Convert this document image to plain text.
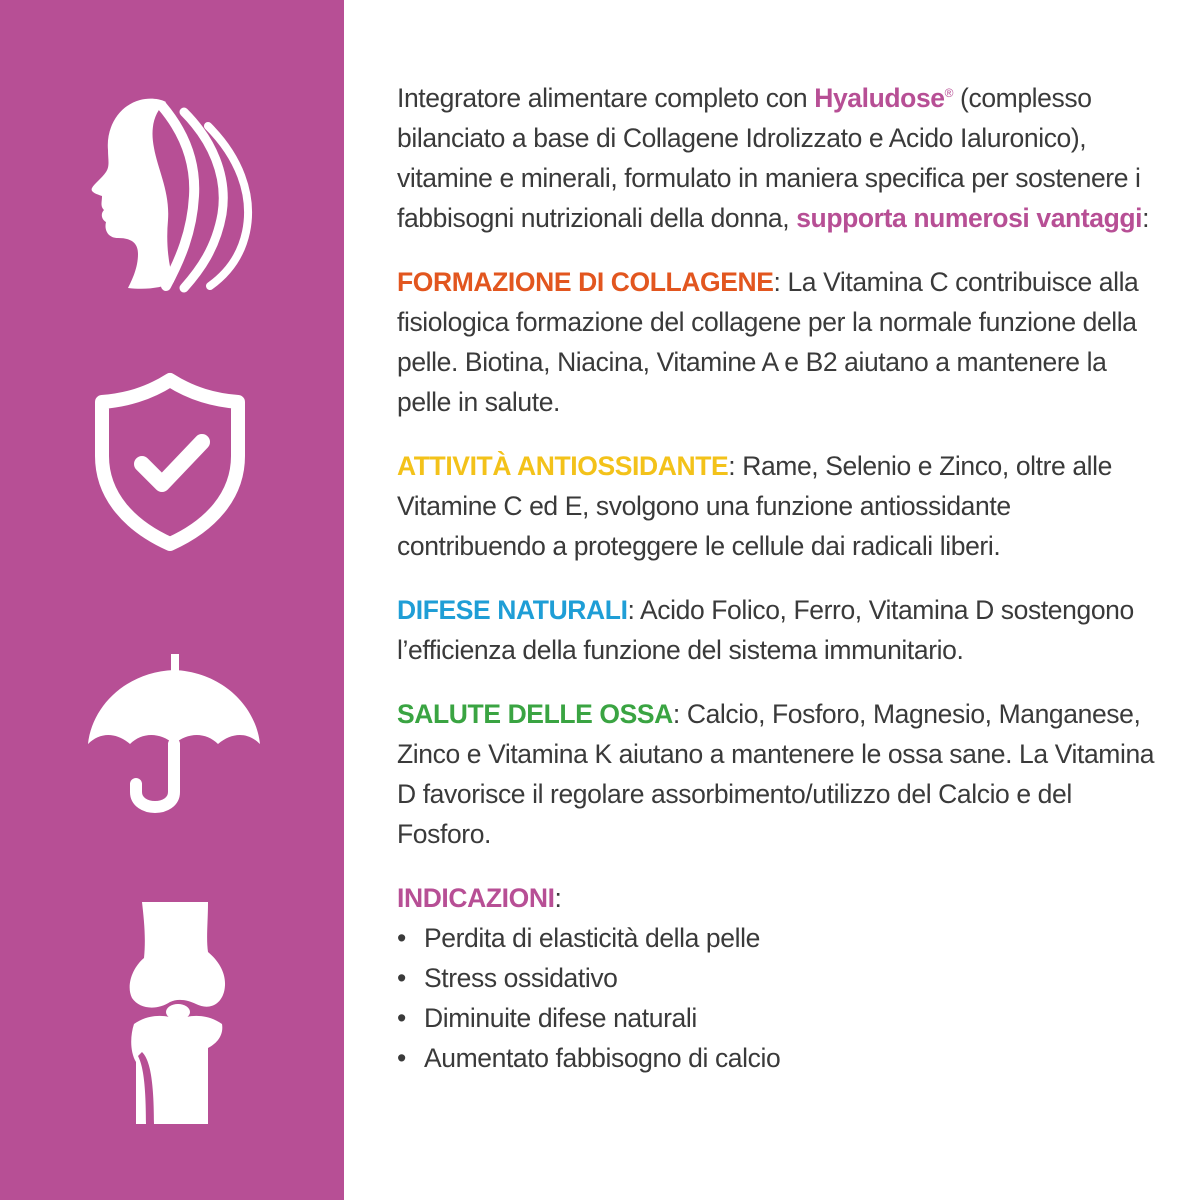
Integratore alimentare completo con Hyaludose® (complesso bilanciato a base di Collagene Idrolizzato e Acido Ialuronico), vitamine e minerali, formulato in maniera specifica per sostenere i fabbisogni nutrizionali della donna, supporta numerosi vantaggi:

FORMAZIONE DI COLLAGENE: La Vitamina C contribuisce alla fisiologica formazione del collagene per la normale funzione della pelle. Biotina, Niacina, Vitamine A e B2 aiutano a mantenere la pelle in salute.

ATTIVITÀ ANTIOSSIDANTE: Rame, Selenio e Zinco, oltre alle Vitamine C ed E, svolgono una funzione antiossidante contribuendo a proteggere le cellule dai radicali liberi.

DIFESE NATURALI: Acido Folico, Ferro, Vitamina D sostengono l’efficienza della funzione del sistema immunitario.

SALUTE DELLE OSSA: Calcio, Fosforo, Magnesio, Manganese, Zinco e Vitamina K aiutano a mantenere le ossa sane. La Vitamina D favorisce il regolare assorbimento/utilizzo del Calcio e del Fosforo.

INDICAZIONI:

• Perdita di elasticità della pelle
• Stress ossidativo
• Diminuite difese naturali
• Aumentato fabbisogno di calcio
